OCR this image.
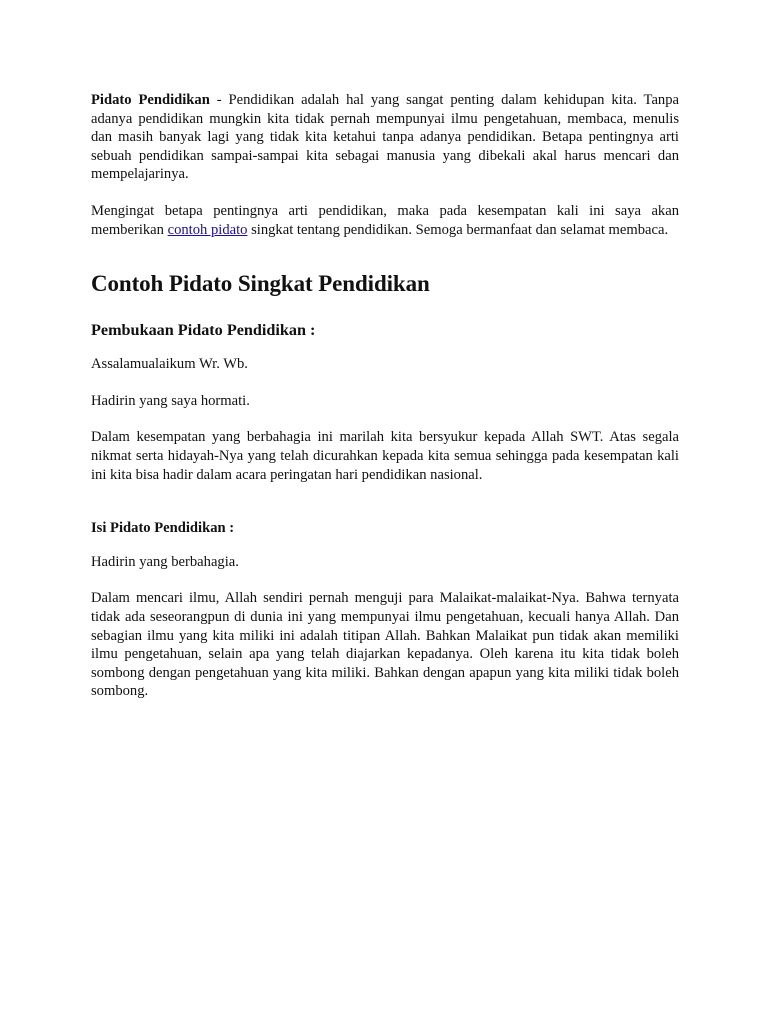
Pidato Pendidikan - Pendidikan adalah hal yang sangat penting dalam kehidupan kita. Tanpa adanya pendidikan mungkin kita tidak pernah mempunyai ilmu pengetahuan, membaca, menulis dan masih banyak lagi yang tidak kita ketahui tanpa adanya pendidikan. Betapa pentingnya arti sebuah pendidikan sampai-sampai kita sebagai manusia yang dibekali akal harus mencari dan mempelajarinya.

Mengingat betapa pentingnya arti pendidikan, maka pada kesempatan kali ini saya akan memberikan contoh pidato singkat tentang pendidikan. Semoga bermanfaat dan selamat membaca.

Contoh Pidato Singkat Pendidikan
Pembukaan Pidato Pendidikan :

Assalamualaikum Wr. Wb.

Hadirin yang saya hormati.

Dalam kesempatan yang berbahagia ini marilah kita bersyukur kepada Allah SWT. Atas segala nikmat serta hidayah-Nya yang telah dicurahkan kepada kita semua sehingga pada kesempatan kali ini kita bisa hadir dalam acara peringatan hari pendidikan nasional.

Isi Pidato Pendidikan :

Hadirin yang berbahagia.

Dalam mencari ilmu, Allah sendiri pernah menguji para Malaikat-malaikat-Nya. Bahwa ternyata tidak ada seseorangpun di dunia ini yang mempunyai ilmu pengetahuan, kecuali hanya Allah. Dan sebagian ilmu yang kita miliki ini adalah titipan Allah. Bahkan Malaikat pun tidak akan memiliki ilmu pengetahuan, selain apa yang telah diajarkan kepadanya. Oleh karena itu kita tidak boleh sombong dengan pengetahuan yang kita miliki. Bahkan dengan apapun yang kita miliki tidak boleh sombong.
